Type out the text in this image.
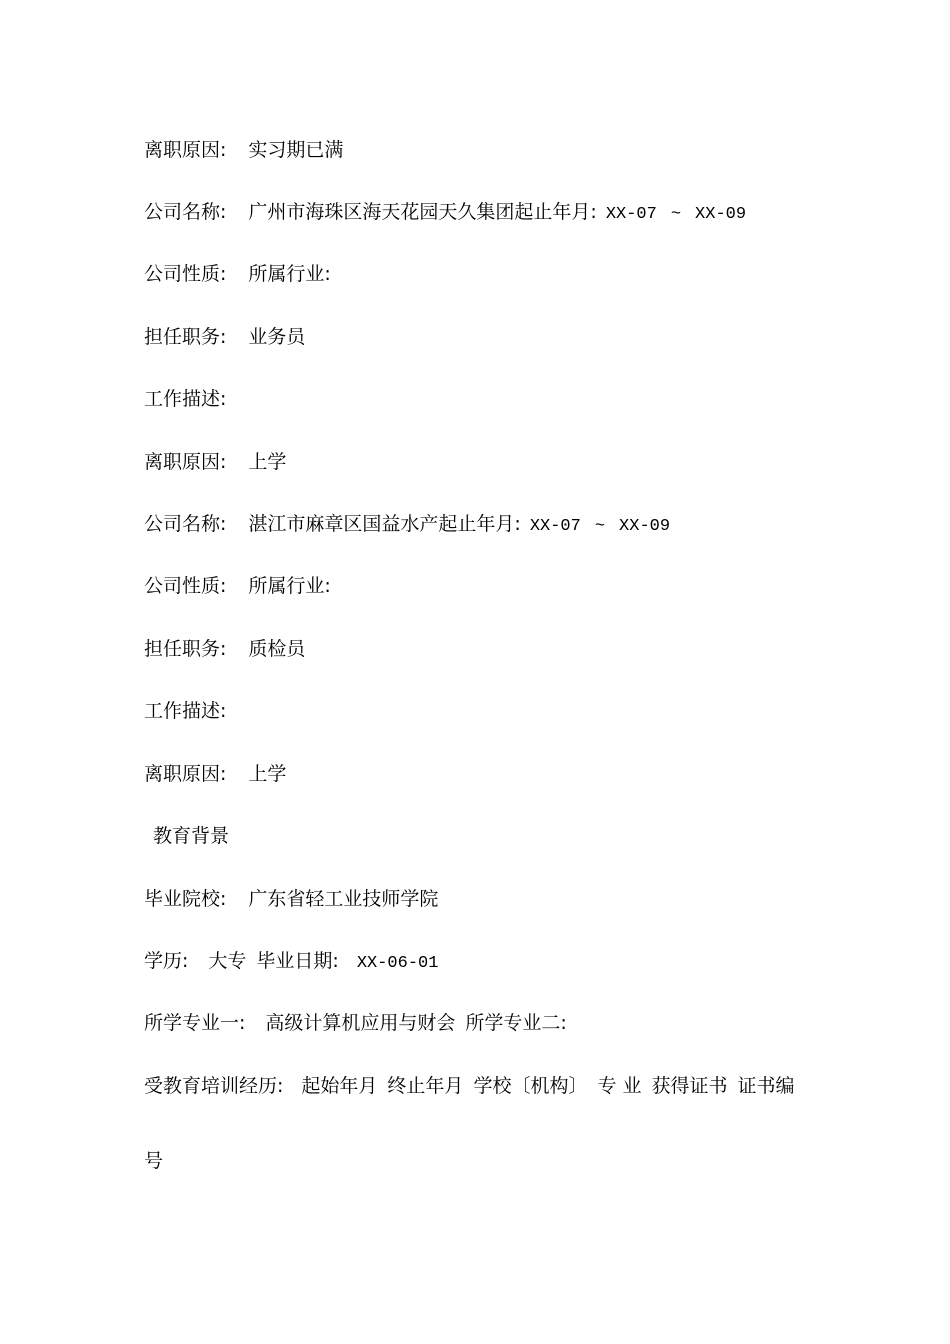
离职原因: 实习期已满
公司名称: 广州市海珠区海天花园天久集团起止年月: XX-07 ~ XX-09
公司性质: 所属行业:
担任职务: 业务员
工作描述:
离职原因: 上学
公司名称: 湛江市麻章区国益水产起止年月: XX-07 ~ XX-09
公司性质: 所属行业:
担任职务: 质检员
工作描述:
离职原因: 上学
教育背景
毕业院校: 广东省轻工业技师学院
学历: 大专 毕业日期: XX-06-01
所学专业一: 高级计算机应用与财会 所学专业二:
受教育培训经历: 起始年月 终止年月 学校〔机构〕 专 业 获得证书 证书编
号
